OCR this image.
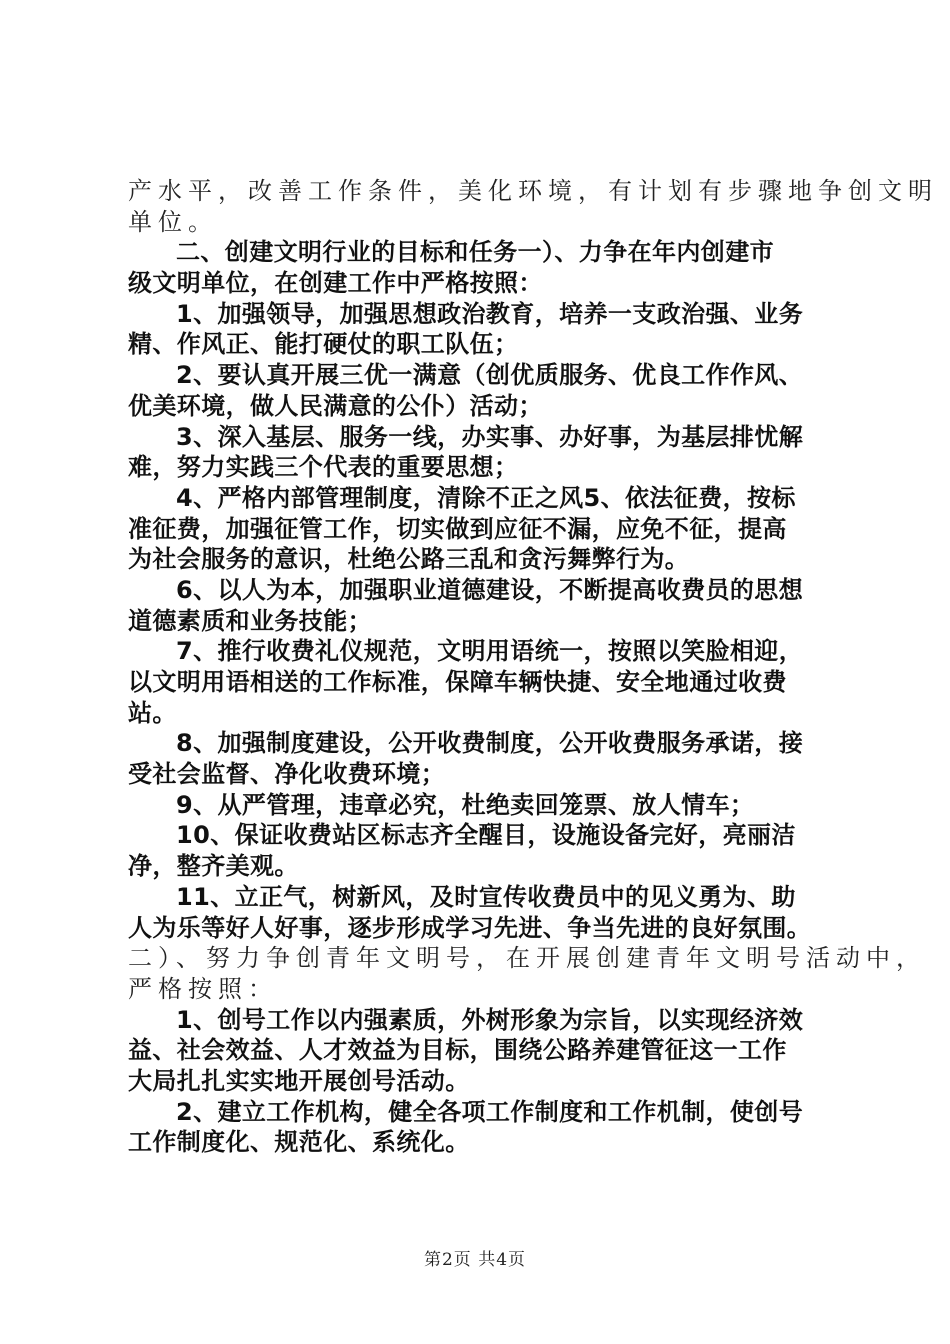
产水平，改善工作条件，美化环境，有计划有步骤地争创文明
单位。
二、创建文明行业的目标和任务一）、力争在年内创建市
级文明单位，在创建工作中严格按照：
1、加强领导，加强思想政治教育，培养一支政治强、业务
精、作风正、能打硬仗的职工队伍；
2、要认真开展三优一满意（创优质服务、优良工作作风、
优美环境，做人民满意的公仆）活动；
3、深入基层、服务一线，办实事、办好事，为基层排忧解
难，努力实践三个代表的重要思想；
4、严格内部管理制度，清除不正之风5、依法征费，按标
准征费，加强征管工作，切实做到应征不漏，应免不征，提高
为社会服务的意识，杜绝公路三乱和贪污舞弊行为。
6、以人为本，加强职业道德建设，不断提高收费员的思想
道德素质和业务技能；
7、推行收费礼仪规范，文明用语统一，按照以笑脸相迎，
以文明用语相送的工作标准，保障车辆快捷、安全地通过收费
站。
8、加强制度建设，公开收费制度，公开收费服务承诺，接
受社会监督、净化收费环境；
9、从严管理，违章必究，杜绝卖回笼票、放人情车；
10、保证收费站区标志齐全醒目，设施设备完好，亮丽洁
净，整齐美观。
11、立正气，树新风，及时宣传收费员中的见义勇为、助
人为乐等好人好事，逐步形成学习先进、争当先进的良好氛围。
二）、努力争创青年文明号，在开展创建青年文明号活动中，
严格按照：
1、创号工作以内强素质，外树形象为宗旨，以实现经济效
益、社会效益、人才效益为目标，围绕公路养建管征这一工作
大局扎扎实实地开展创号活动。
2、建立工作机构，健全各项工作制度和工作机制，使创号
工作制度化、规范化、系统化。
第2页 共4页
